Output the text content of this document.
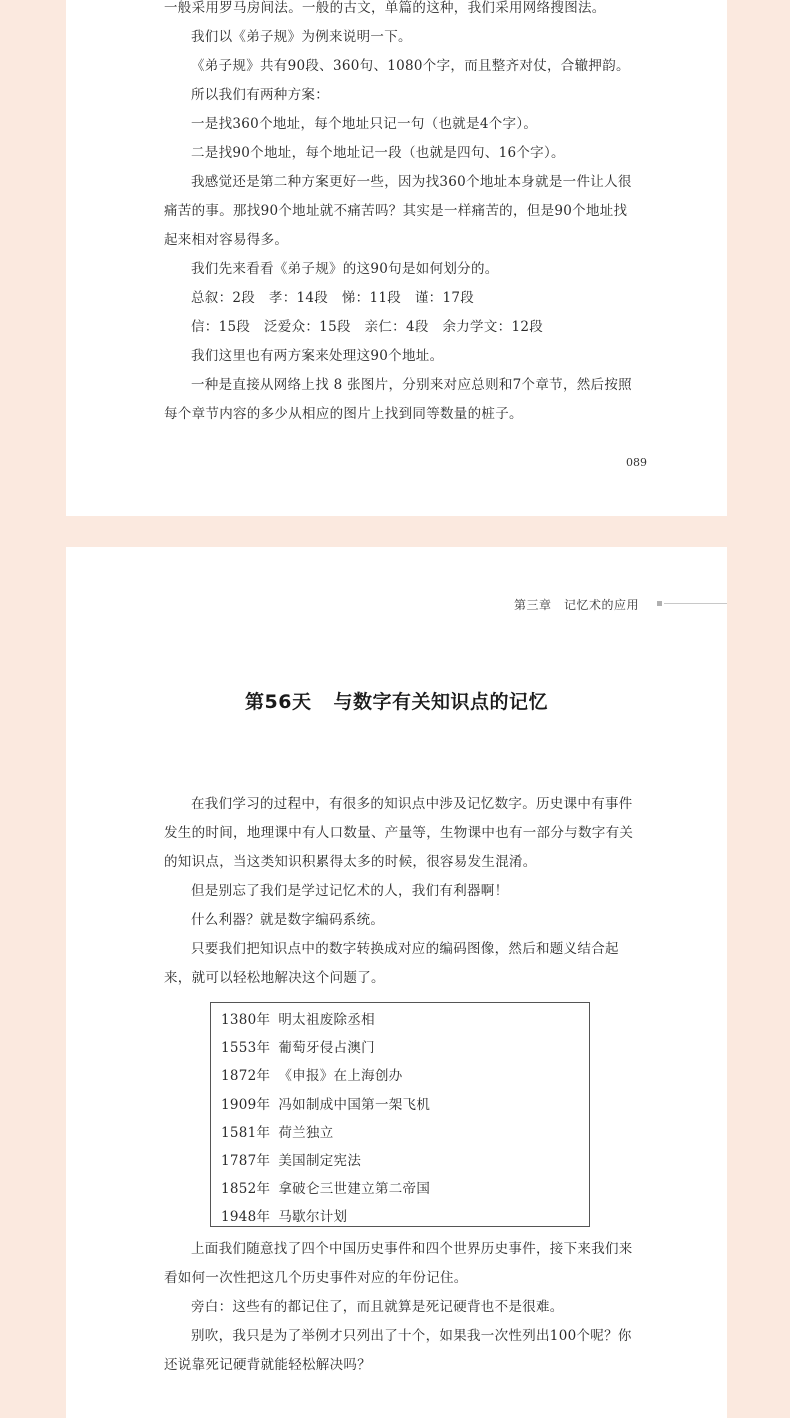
一般采用罗马房间法。一般的古文，单篇的这种，我们采用网络搜图法。

我们以《弟子规》为例来说明一下。

《弟子规》共有90段、360句、1080个字，而且整齐对仗，合辙押韵。

所以我们有两种方案：

一是找360个地址，每个地址只记一句（也就是4个字）。

二是找90个地址，每个地址记一段（也就是四句、16个字）。

我感觉还是第二种方案更好一些，因为找360个地址本身就是一件让人很痛苦的事。那找90个地址就不痛苦吗？其实是一样痛苦的，但是90个地址找起来相对容易得多。

我们先来看看《弟子规》的这90句是如何划分的。

总叙：2段　孝：14段　悌：11段　谨：17段

信：15段　泛爱众：15段　亲仁：4段　余力学文：12段

我们这里也有两方案来处理这90个地址。

一种是直接从网络上找 8 张图片，分别来对应总则和7个章节，然后按照每个章节内容的多少从相应的图片上找到同等数量的桩子。

089
第三章　记忆术的应用
第56天 与数字有关知识点的记忆

在我们学习的过程中，有很多的知识点中涉及记忆数字。历史课中有事件发生的时间，地理课中有人口数量、产量等，生物课中也有一部分与数字有关的知识点，当这类知识积累得太多的时候，很容易发生混淆。

但是别忘了我们是学过记忆术的人，我们有利器啊！

什么利器？就是数字编码系统。

只要我们把知识点中的数字转换成对应的编码图像，然后和题义结合起来，就可以轻松地解决这个问题了。

1380年 明太祖废除丞相
1553年 葡萄牙侵占澳门
1872年 《申报》在上海创办
1909年 冯如制成中国第一架飞机
1581年 荷兰独立
1787年 美国制定宪法
1852年 拿破仑三世建立第二帝国
1948年 马歇尔计划

上面我们随意找了四个中国历史事件和四个世界历史事件，接下来我们来看如何一次性把这几个历史事件对应的年份记住。

旁白：这些有的都记住了，而且就算是死记硬背也不是很难。

别吹，我只是为了举例才只列出了十个，如果我一次性列出100个呢？你还说靠死记硬背就能轻松解决吗？
